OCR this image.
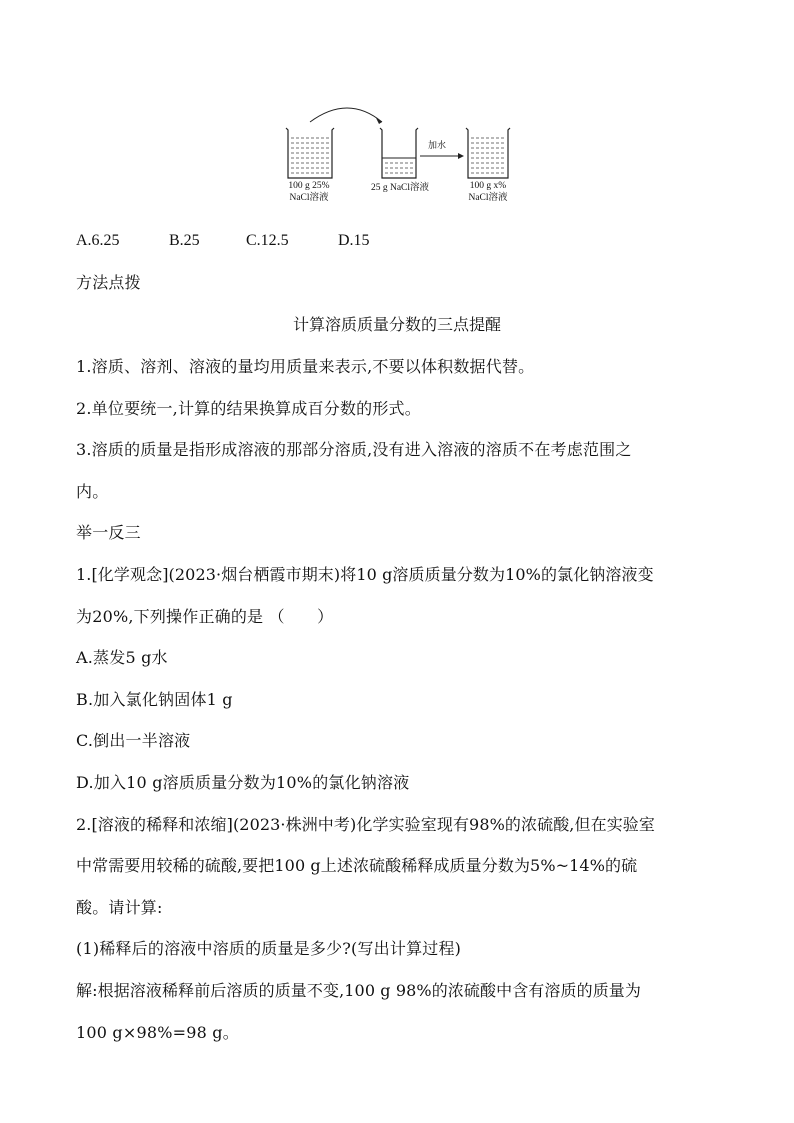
加水
100 g 25%
NaCl溶液
25 g NaCl溶液	100 g x%
NaCl溶液
A.6.25	B.25	C.12.5	D.15
方法点拨
计算溶质质量分数的三点提醒
1.溶质、溶剂、溶液的量均用质量来表示,不要以体积数据代替。
2.单位要统一,计算的结果换算成百分数的形式。
3.溶质的质量是指形成溶液的那部分溶质,没有进入溶液的溶质不在考虑范围之
内。
举一反三
1.[化学观念](2023·烟台栖霞市期末)将10 g溶质质量分数为10%的氯化钠溶液变
为20%,下列操作正确的是 （　　）
A.蒸发5 g水
B.加入氯化钠固体1 g
C.倒出一半溶液
D.加入10 g溶质质量分数为10%的氯化钠溶液
2.[溶液的稀释和浓缩](2023·株洲中考)化学实验室现有98%的浓硫酸,但在实验室
中常需要用较稀的硫酸,要把100 g上述浓硫酸稀释成质量分数为5%~14%的硫
酸。请计算:
(1)稀释后的溶液中溶质的质量是多少?(写出计算过程)
解:根据溶液稀释前后溶质的质量不变,100 g 98%的浓硫酸中含有溶质的质量为
100 g×98%=98 g。
